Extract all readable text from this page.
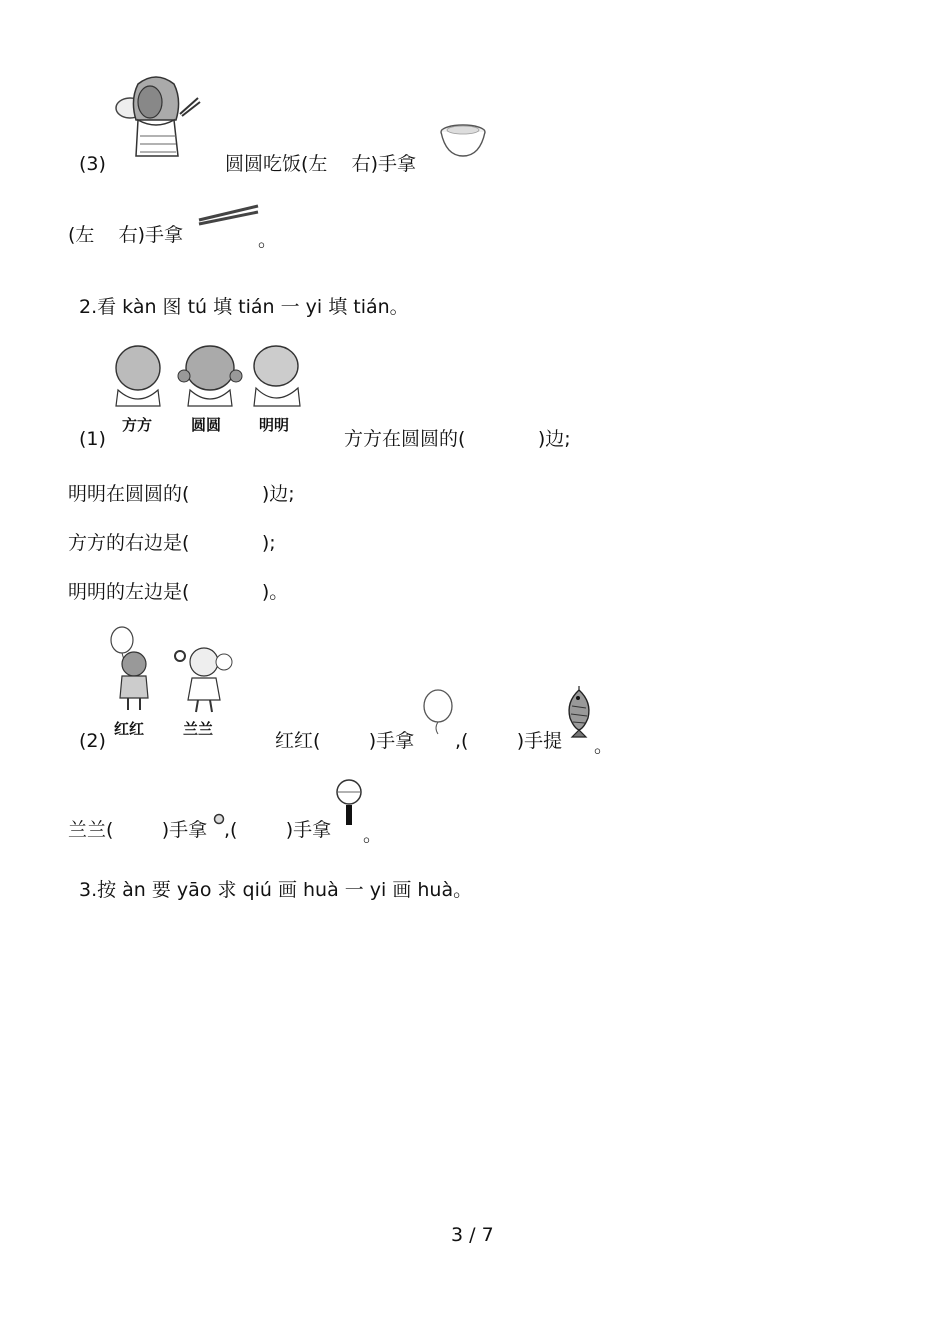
(3)	圆圆吃饭(左    右)手拿
(左    右)手拿	。
2.看 kàn 图 tú 填 tián 一 yi 填 tián。
方方	圆圆	明明
(1)	方方在圆圆的(            )边;
明明在圆圆的(            )边;
方方的右边是(            );
明明的左边是(            )。
红红	兰兰
(2)	红红(        )手拿 ,(        )手提 。
兰兰(        )手拿 ,(        )手拿 。
3.按 àn 要 yāo 求 qiú 画 huà 一 yi 画 huà。
3 / 7
